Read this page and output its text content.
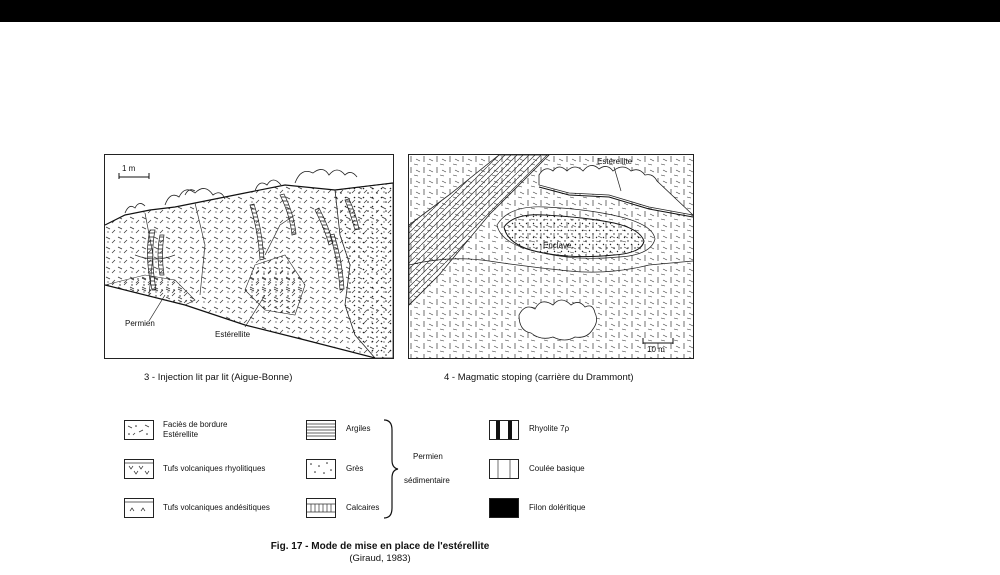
1 m
Permien
Estérellite
Estérellite
Enclave
10 m
3 - Injection lit par lit (Aigue-Bonne)	4 - Magmatic stoping (carrière du Drammont)
Faciès de bordure
Estérellite
Tufs volcaniques rhyolitiques
Tufs volcaniques andésitiques
Argiles
Grès
Calcaires
Permien
sédimentaire
Rhyolite 7ρ
Coulée basique
Filon doléritique
Fig. 17 - Mode de mise en place de l'estérellite
(Giraud, 1983)
